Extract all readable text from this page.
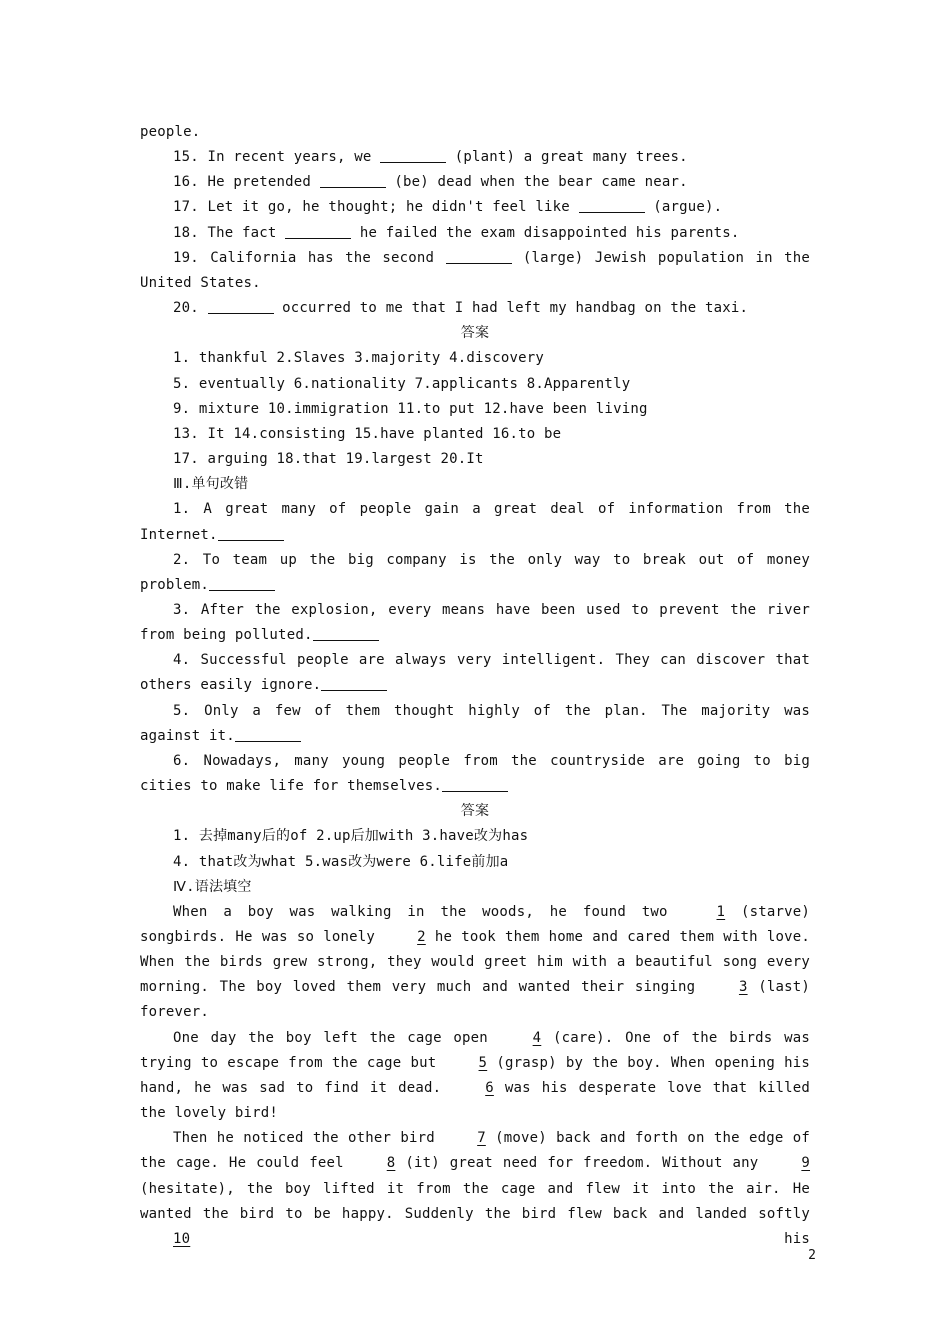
people.

15. In recent years, we	(plant) a great many trees.

16. He pretended	(be) dead when the bear came near.

17. Let it go, he thought; he didn't feel like	(argue).

18. The fact	he failed the exam disappointed his parents.

19. California has the second	(large) Jewish population in the United States.

20.	occurred to me that I had left my handbag on the taxi.

答案

1. thankful 2.Slaves 3.majority 4.discovery

5. eventually 6.nationality 7.applicants 8.Apparently

9. mixture 10.immigration 11.to put 12.have been living

13. It 14.consisting 15.have planted 16.to be

17. arguing 18.that 19.largest 20.It

Ⅲ.单句改错

1. A great many of people gain a great deal of information from the Internet.

2. To team up the big company is the only way to break out of money problem.

3. After the explosion, every means have been used to prevent the river from being polluted.

4. Successful people are always very intelligent. They can discover that others easily ignore.

5. Only a few of them thought highly of the plan. The majority was against it.

6. Nowadays, many young people from the countryside are going to big cities to make life for themselves.

答案

1. 去掉many后的of 2.up后加with 3.have改为has

4. that改为what 5.was改为were 6.life前加a

Ⅳ.语法填空

When a boy was walking in the woods, he found two 1 (starve) songbirds. He was so lonely 2 he took them home and cared them with love. When the birds grew strong, they would greet him with a beautiful song every morning. The boy loved them very much and wanted their singing 3 (last) forever.

One day the boy left the cage open 4 (care). One of the birds was trying to escape from the cage but 5 (grasp) by the boy. When opening his hand, he was sad to find it dead. 6 was his desperate love that killed the lovely bird!

Then he noticed the other bird 7 (move) back and forth on the edge of the cage. He could feel 8 (it) great need for freedom. Without any 9 (hesitate), the boy lifted it from the cage and flew it into the air. He wanted the bird to be happy. Suddenly the bird flew back and landed softly 10 his

2
